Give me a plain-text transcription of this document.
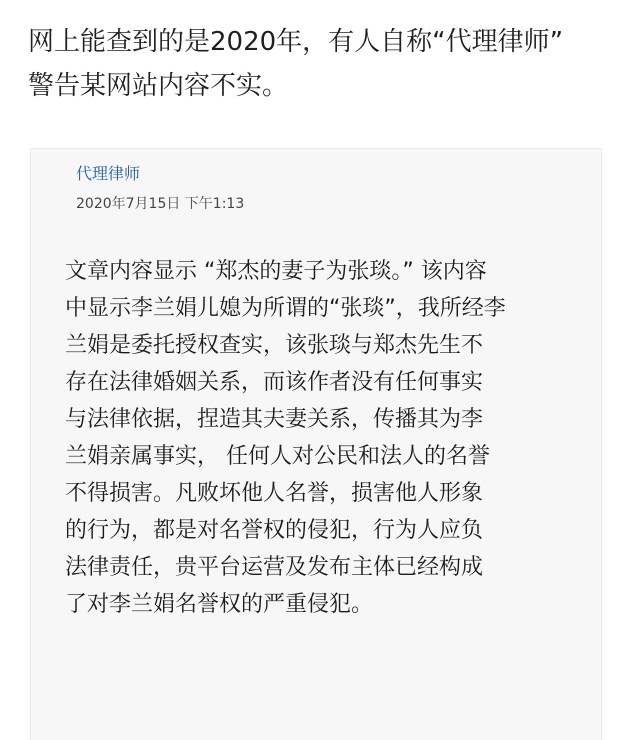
网上能查到的是2020年，有人自称“代理律师”

警告某网站内容不实。

代理律师
2020年7月15日 下午1:13

文章内容显示 “郑杰的妻子为张琰。” 该内容

中显示李兰娟儿媳为所谓的“张琰”，我所经李

兰娟是委托授权查实，该张琰与郑杰先生不

存在法律婚姻关系，而该作者没有任何事实

与法律依据，捏造其夫妻关系，传播其为李

兰娟亲属事实， 任何人对公民和法人的名誉

不得损害。凡败坏他人名誉，损害他人形象

的行为，都是对名誉权的侵犯，行为人应负

法律责任，贵平台运营及发布主体已经构成

了对李兰娟名誉权的严重侵犯。
